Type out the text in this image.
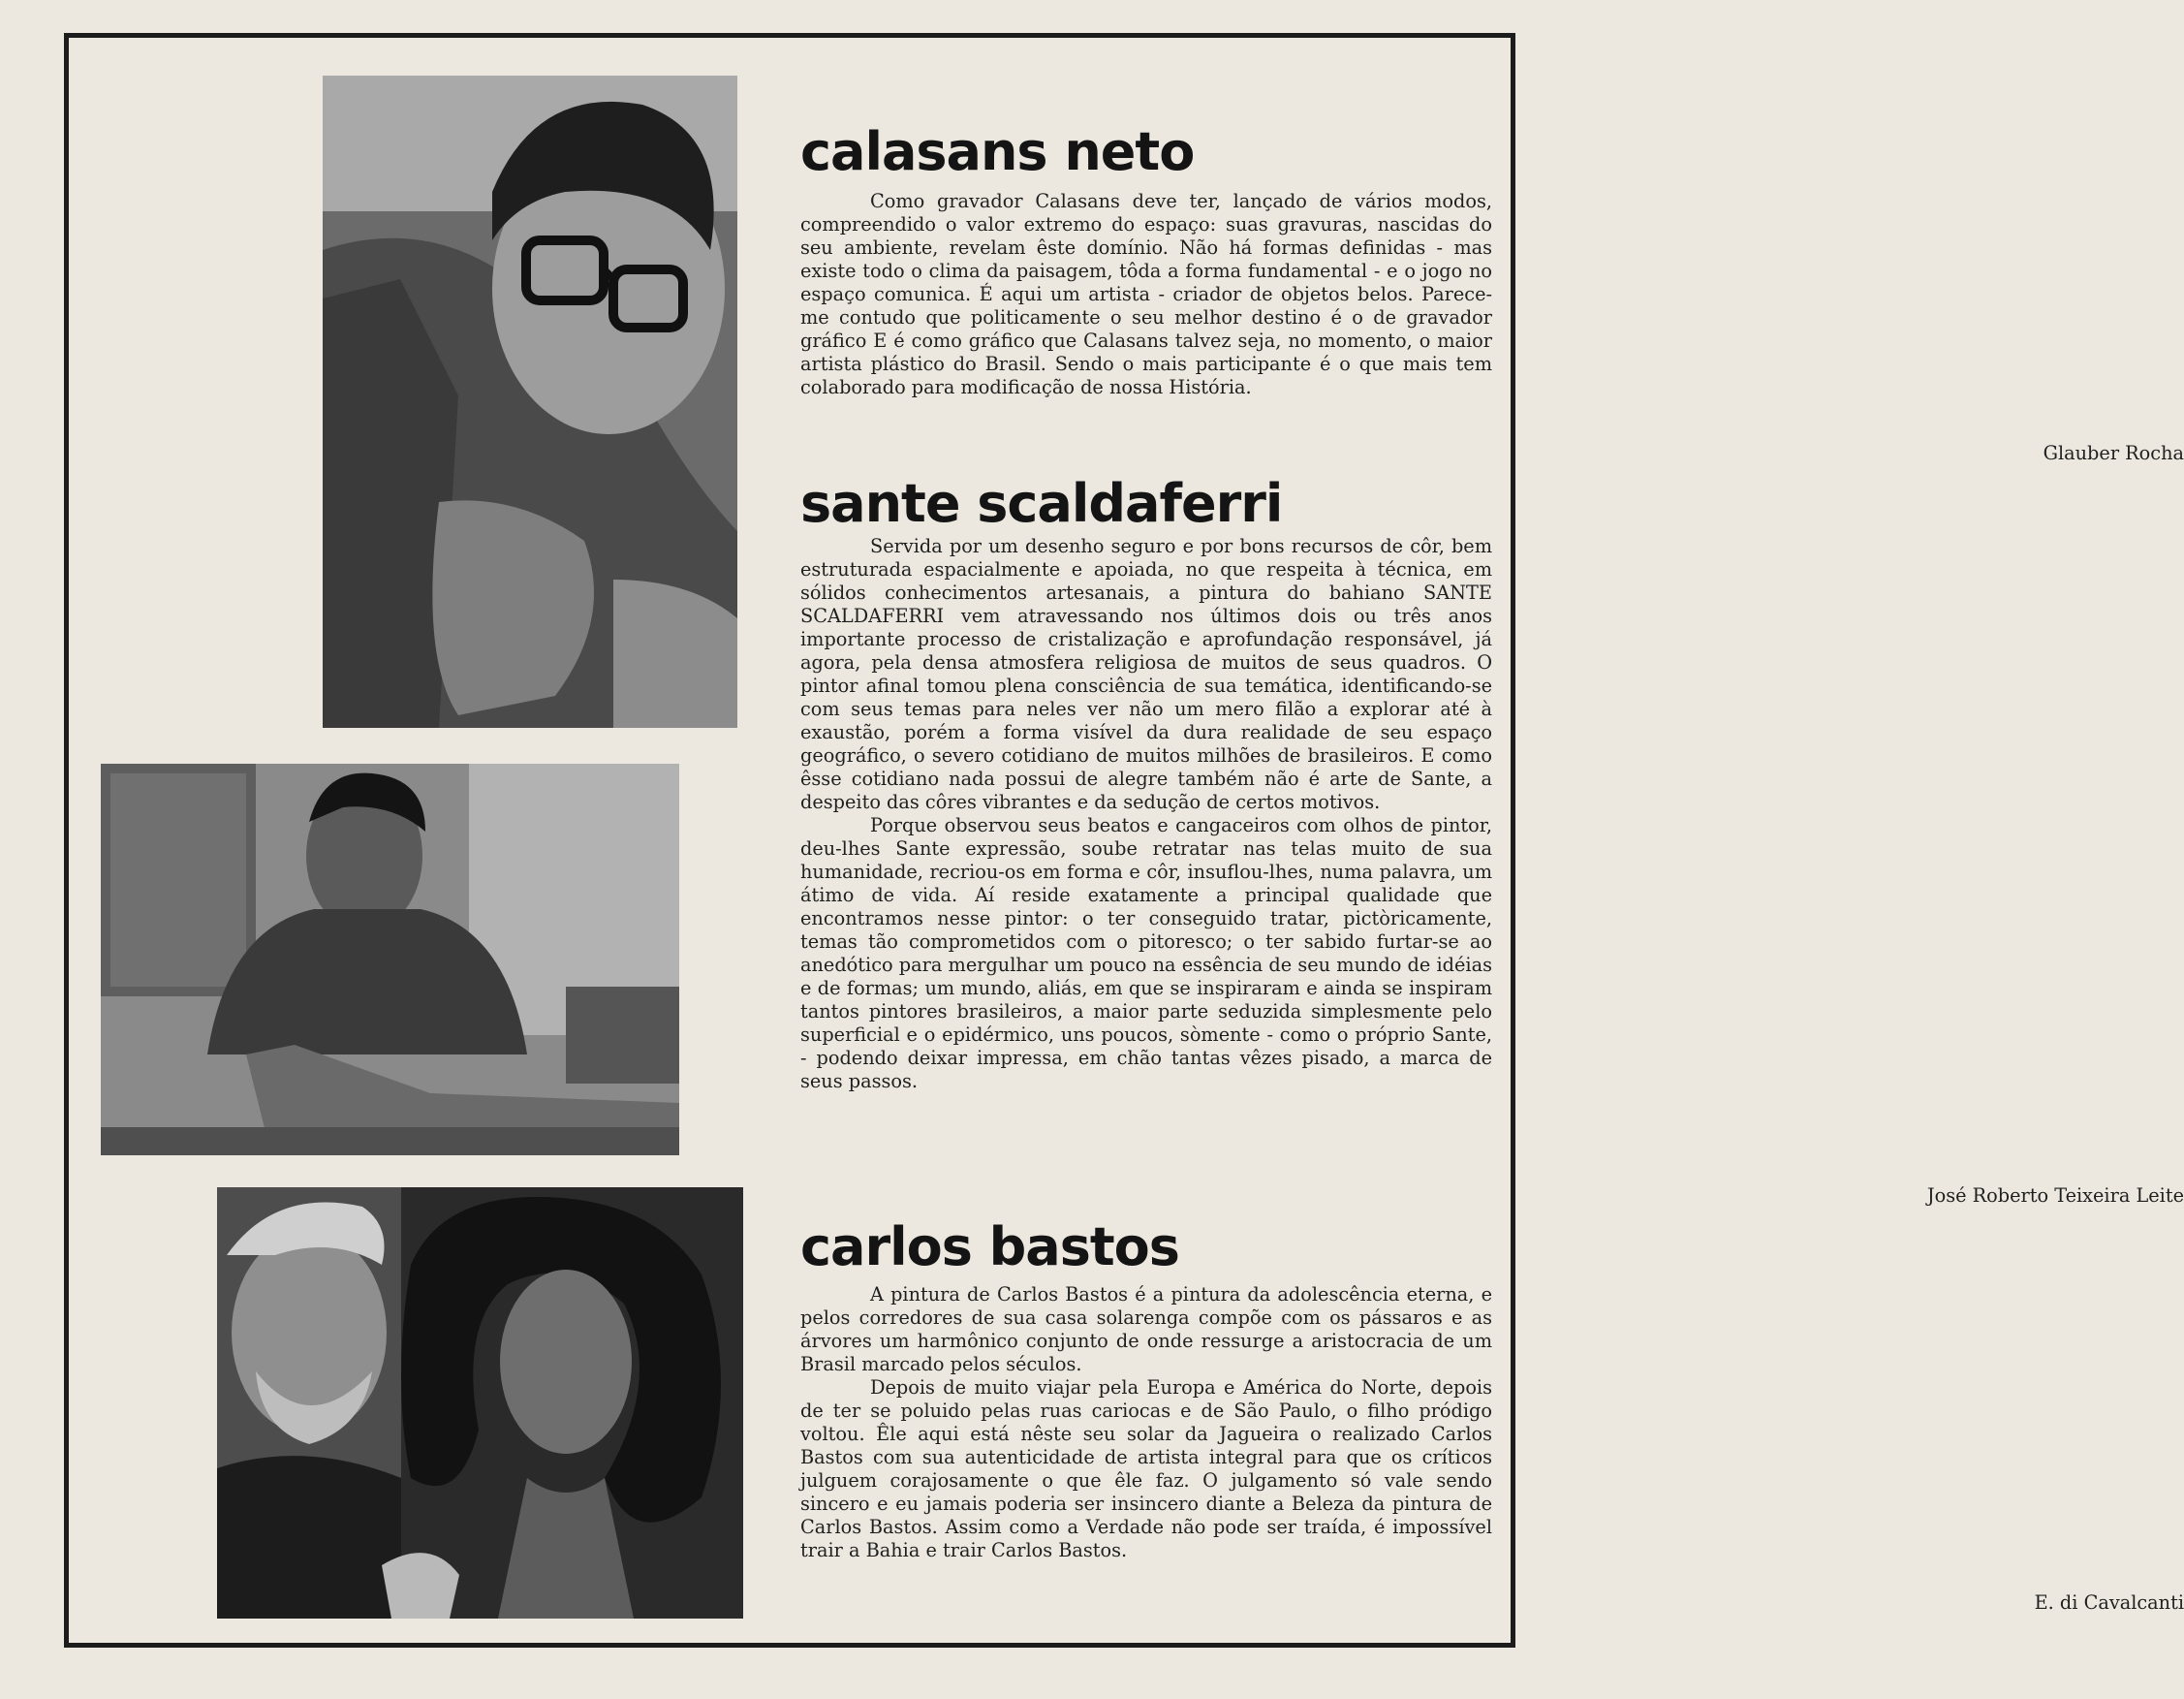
calasans neto

Como gravador Calasans deve ter, lançado de vários modos, compreendido o valor extremo do espaço: suas gravuras, nascidas do seu ambiente, revelam êste domínio. Não há formas definidas - mas existe todo o clima da paisagem, tôda a forma fundamental - e o jogo no espaço comunica. É aqui um artista - criador de objetos belos. Parece-me contudo que politicamente o seu melhor destino é o de gravador gráfico E é como gráfico que Calasans talvez seja, no momento, o maior artista plástico do Brasil. Sendo o mais participante é o que mais tem colaborado para modificação de nossa História.

Glauber Rocha
sante scaldaferri

Servida por um desenho seguro e por bons recursos de côr, bem estruturada espacialmente e apoiada, no que respeita à técnica, em sólidos conhecimentos artesanais, a pintura do bahiano SANTE SCALDAFERRI vem atravessando nos últimos dois ou três anos importante processo de cristalização e aprofundação responsável, já agora, pela densa atmosfera religiosa de muitos de seus quadros. O pintor afinal tomou plena consciência de sua temática, identificando-se com seus temas para neles ver não um mero filão a explorar até à exaustão, porém a forma visível da dura realidade de seu espaço geográfico, o severo cotidiano de muitos milhões de brasileiros. E como êsse cotidiano nada possui de alegre também não é arte de Sante, a despeito das côres vibrantes e da sedução de certos motivos.

Porque observou seus beatos e cangaceiros com olhos de pintor, deu-lhes Sante expressão, soube retratar nas telas muito de sua humanidade, recriou-os em forma e côr, insuflou-lhes, numa palavra, um átimo de vida. Aí reside exatamente a principal qualidade que encontramos nesse pintor: o ter conseguido tratar, pictòricamente, temas tão comprometidos com o pitoresco; o ter sabido furtar-se ao anedótico para mergulhar um pouco na essência de seu mundo de idéias e de formas; um mundo, aliás, em que se inspiraram e ainda se inspiram tantos pintores brasileiros, a maior parte seduzida simplesmente pelo superficial e o epidérmico, uns poucos, sòmente - como o próprio Sante, - podendo deixar impressa, em chão tantas vêzes pisado, a marca de seus passos.

José Roberto Teixeira Leite
carlos bastos

A pintura de Carlos Bastos é a pintura da adolescência eterna, e pelos corredores de sua casa solarenga compõe com os pássaros e as árvores um harmônico conjunto de onde ressurge a aristocracia de um Brasil marcado pelos séculos.

Depois de muito viajar pela Europa e América do Norte, depois de ter se poluido pelas ruas cariocas e de São Paulo, o filho pródigo voltou. Êle aqui está nêste seu solar da Jagueira o realizado Carlos Bastos com sua autenticidade de artista integral para que os críticos julguem corajosamente o que êle faz. O julgamento só vale sendo sincero e eu jamais poderia ser insincero diante a Beleza da pintura de Carlos Bastos. Assim como a Verdade não pode ser traída, é impossível trair a Bahia e trair Carlos Bastos.

E. di Cavalcanti
